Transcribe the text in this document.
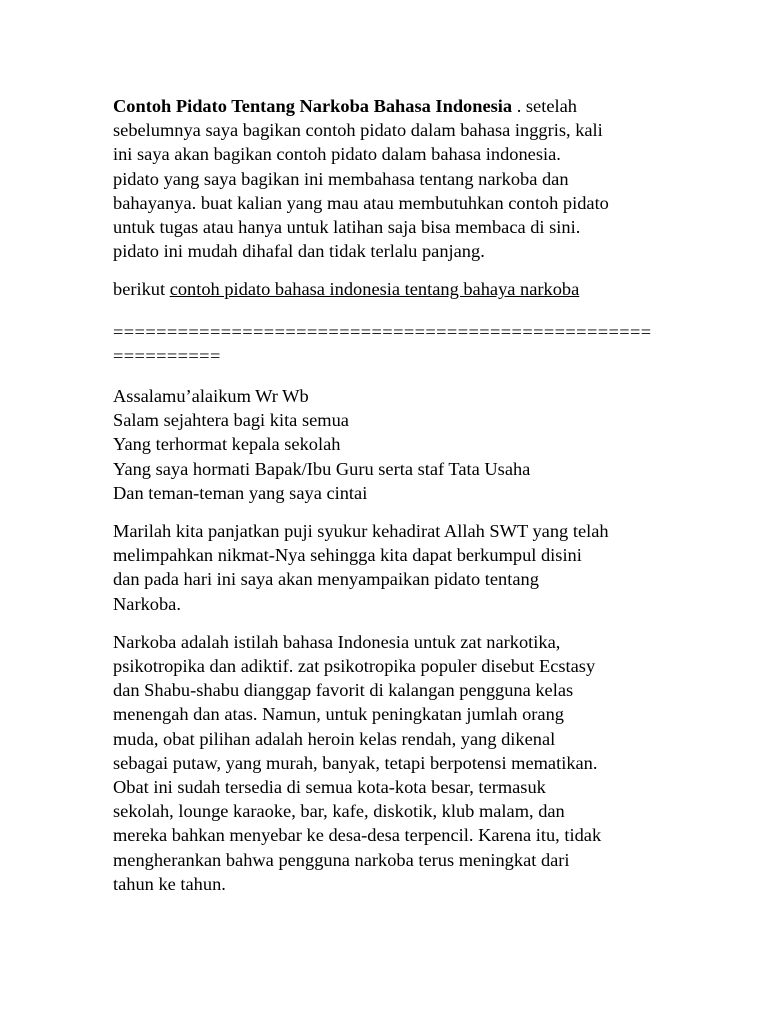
Contoh Pidato Tentang Narkoba Bahasa Indonesia . setelah
sebelumnya saya bagikan contoh pidato dalam bahasa inggris, kali
ini saya akan bagikan contoh pidato dalam bahasa indonesia.
pidato yang saya bagikan ini membahasa tentang narkoba dan
bahayanya. buat kalian yang mau atau membutuhkan contoh pidato
untuk tugas atau hanya untuk latihan saja bisa membaca di sini.
pidato ini mudah dihafal dan tidak terlalu panjang.

berikut contoh pidato bahasa indonesia tentang bahaya narkoba

==================================================
==========

Assalamu’alaikum Wr Wb
Salam sejahtera bagi kita semua
Yang terhormat kepala sekolah
Yang saya hormati Bapak/Ibu Guru serta staf Tata Usaha
Dan teman-teman yang saya cintai

Marilah kita panjatkan puji syukur kehadirat Allah SWT yang telah
melimpahkan nikmat-Nya sehingga kita dapat berkumpul disini
dan pada hari ini saya akan menyampaikan pidato tentang
Narkoba.

Narkoba adalah istilah bahasa Indonesia untuk zat narkotika,
psikotropika dan adiktif. zat psikotropika populer disebut Ecstasy
dan Shabu-shabu dianggap favorit di kalangan pengguna kelas
menengah dan atas. Namun, untuk peningkatan jumlah orang
muda, obat pilihan adalah heroin kelas rendah, yang dikenal
sebagai putaw, yang murah, banyak, tetapi berpotensi mematikan.
Obat ini sudah tersedia di semua kota-kota besar, termasuk
sekolah, lounge karaoke, bar, kafe, diskotik, klub malam, dan
mereka bahkan menyebar ke desa-desa terpencil. Karena itu, tidak
mengherankan bahwa pengguna narkoba terus meningkat dari
tahun ke tahun.
